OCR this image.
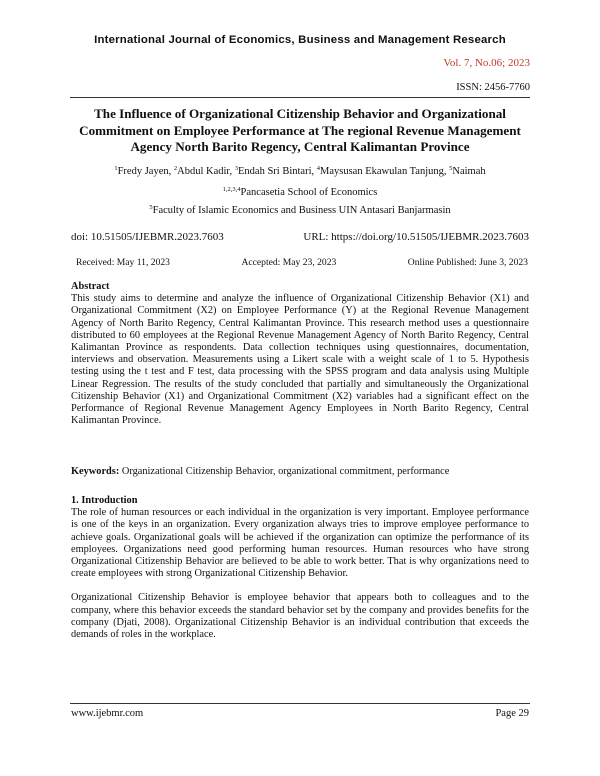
International Journal of Economics, Business and Management Research
Vol. 7, No.06; 2023
ISSN: 2456-7760
The Influence of Organizational Citizenship Behavior and Organizational Commitment on Employee Performance at The regional Revenue Management Agency North Barito Regency, Central Kalimantan Province
$^1$Fredy Jayen, $^2$Abdul Kadir, $^3$Endah Sri Bintari, $^4$Maysusan Ekawulan Tanjung, $^5$Naimah
$^{1,2,3,4}$Pancasetia School of Economics
$^5$Faculty of Islamic Economics and Business UIN Antasari Banjarmasin
doi: 10.51505/IJEBMR.2023.7603	URL: https://doi.org/10.51505/IJEBMR.2023.7603
Received: May 11, 2023	Accepted: May 23, 2023	Online Published: June 3, 2023
Abstract

This study aims to determine and analyze the influence of Organizational Citizenship Behavior (X1) and Organizational Commitment (X2) on Employee Performance (Y) at the Regional Revenue Management Agency of North Barito Regency, Central Kalimantan Province. This research method uses a questionnaire distributed to 60 employees at the Regional Revenue Management Agency of North Barito Regency, Central Kalimantan Province as respondents. Data collection techniques using questionnaires, documentation, interviews and observation. Measurements using a Likert scale with a weight scale of 1 to 5. Hypothesis testing using the t test and F test, data processing with the SPSS program and data analysis using Multiple Linear Regression. The results of the study concluded that partially and simultaneously the Organizational Citizenship Behavior (X1) and Organizational Commitment (X2) variables had a significant effect on the Performance of Regional Revenue Management Agency Employees in North Barito Regency, Central Kalimantan Province.

Keywords: Organizational Citizenship Behavior, organizational commitment, performance
1. Introduction

The role of human resources or each individual in the organization is very important. Employee performance is one of the keys in an organization. Every organization always tries to improve employee performance to achieve goals. Organizational goals will be achieved if the organization can optimize the performance of its employees. Organizations need good performing human resources. Human resources who have strong Organizational Citizenship Behavior are believed to be able to work better. That is why organizations need to create employees with strong Organizational Citizenship Behavior.

Organizational Citizenship Behavior is employee behavior that appears both to colleagues and to the company, where this behavior exceeds the standard behavior set by the company and provides benefits for the company (Djati, 2008). Organizational Citizenship Behavior is an individual contribution that exceeds the demands of roles in the workplace.

www.ijebmr.com	Page 29
